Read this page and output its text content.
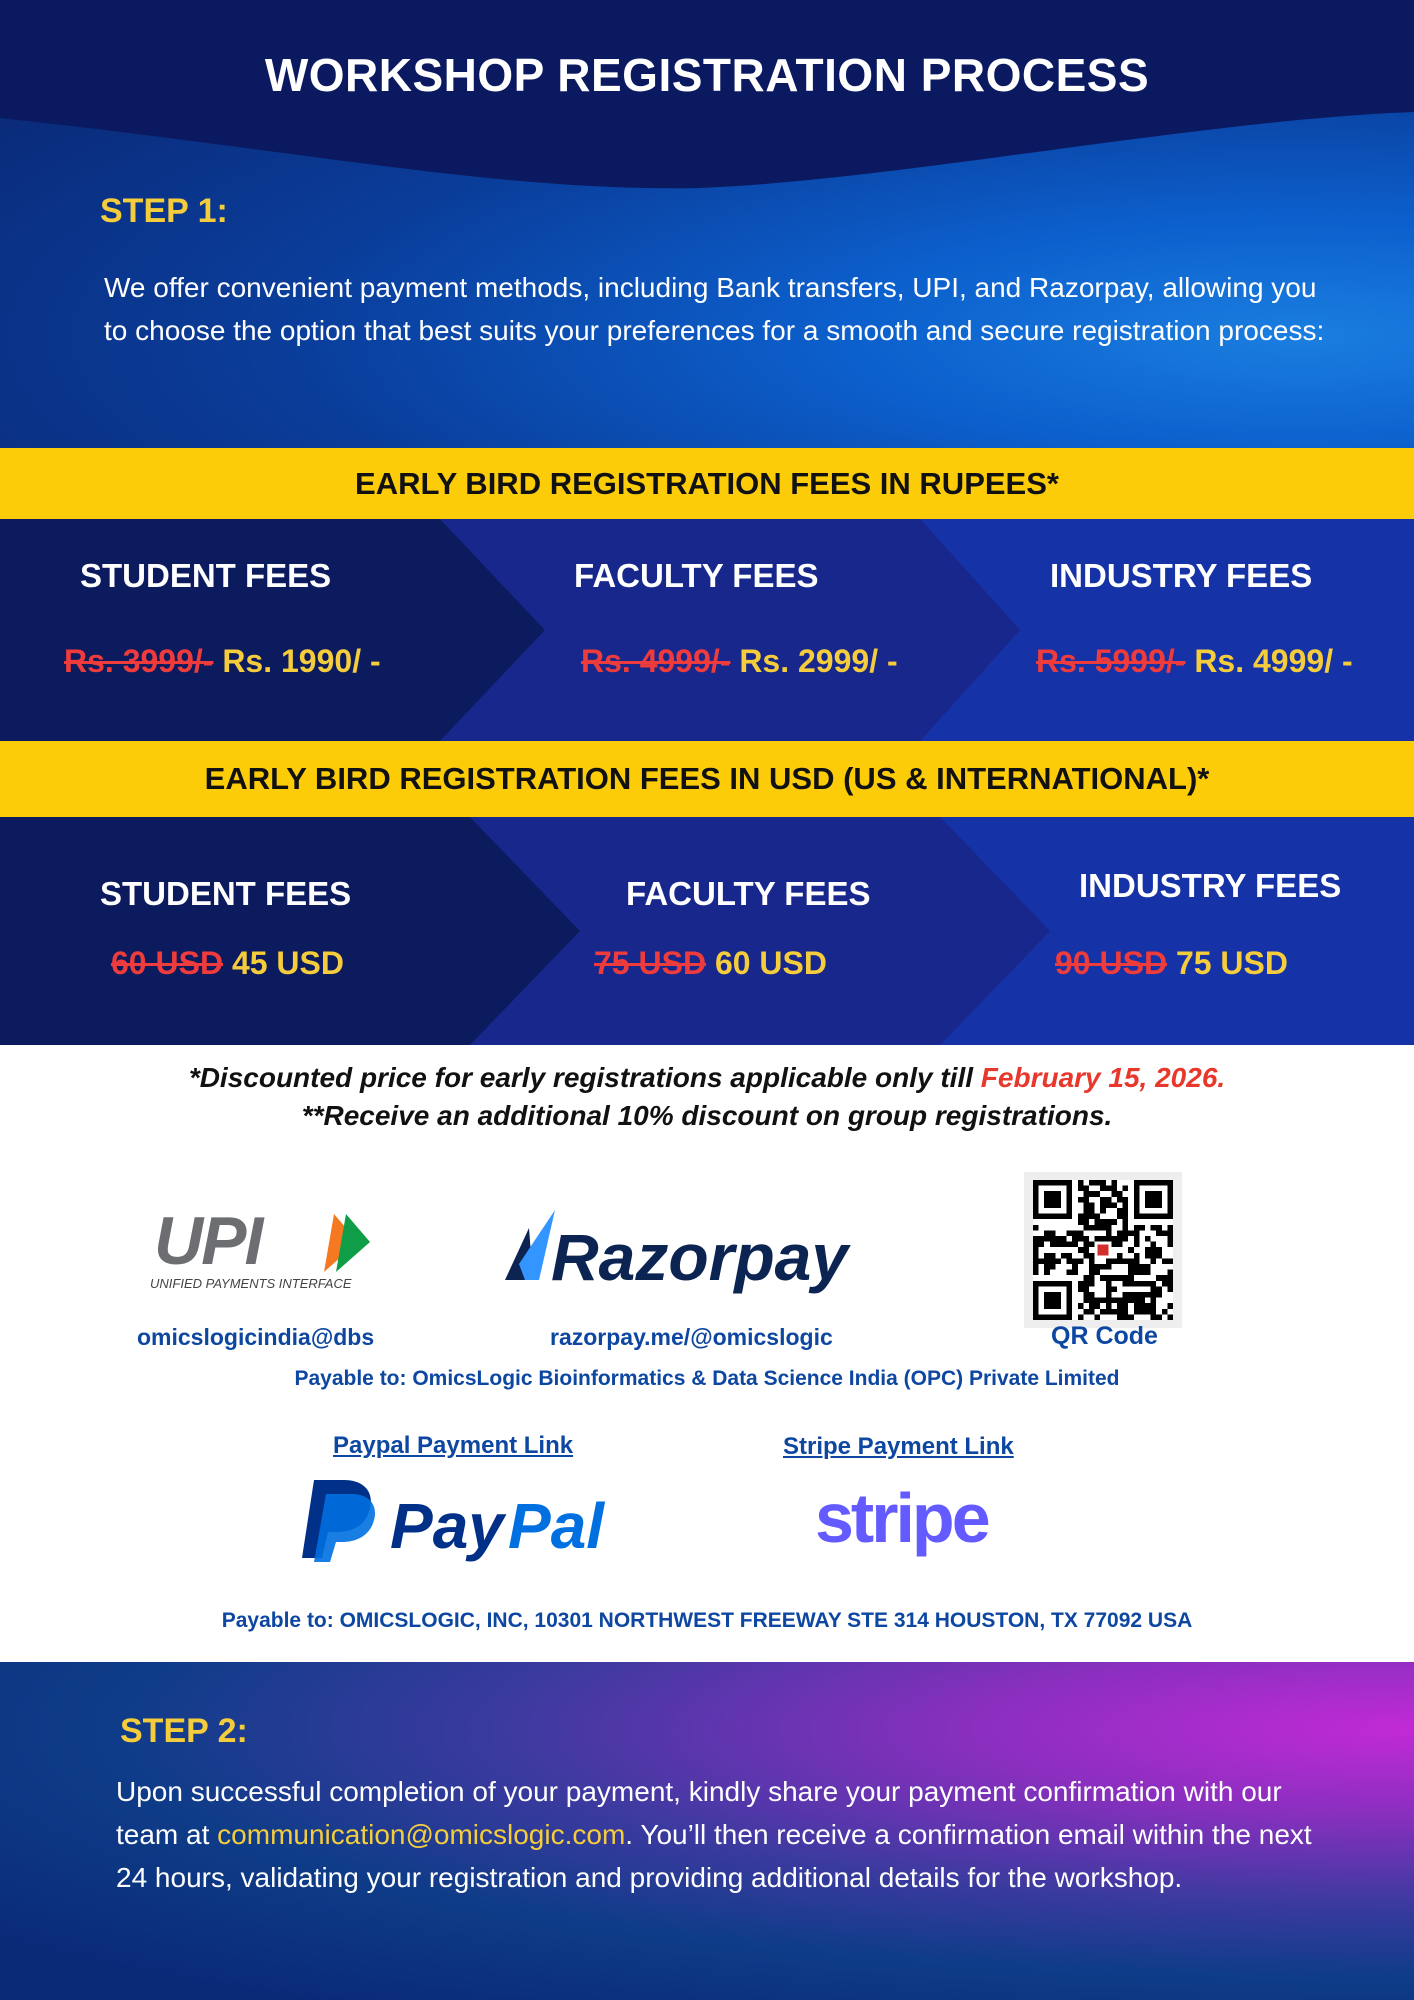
WORKSHOP REGISTRATION PROCESS
STEP 1:
We offer convenient payment methods, including Bank transfers, UPI, and Razorpay, allowing you to choose the option that best suits your preferences for a smooth and secure registration process:
EARLY BIRD REGISTRATION FEES IN RUPEES*
STUDENT FEES
Rs. 3999/- Rs. 1990/ -
FACULTY FEES
Rs. 4999/- Rs. 2999/ -
INDUSTRY FEES
Rs. 5999/- Rs. 4999/ -
EARLY BIRD REGISTRATION FEES IN USD (US & INTERNATIONAL)*
STUDENT FEES
60 USD 45 USD
FACULTY FEES
75 USD 60 USD
INDUSTRY FEES
90 USD 75 USD
*Discounted price for early registrations applicable only till February 15, 2026.
**Receive an additional 10% discount on group registrations.
UPI
UNIFIED PAYMENTS INTERFACE	Razorpay
omicslogicindia@dbs	razorpay.me/@omicslogic	QR Code
Payable to: OmicsLogic Bioinformatics & Data Science India (OPC) Private Limited
Paypal Payment Link	Stripe Payment Link
Pay Pal	stripe
Payable to: OMICSLOGIC, INC, 10301 NORTHWEST FREEWAY STE 314 HOUSTON, TX 77092 USA
STEP 2:
Upon successful completion of your payment, kindly share your payment confirmation with our team at communication@omicslogic.com. You’ll then receive a confirmation email within the next 24 hours, validating your registration and providing additional details for the workshop.
